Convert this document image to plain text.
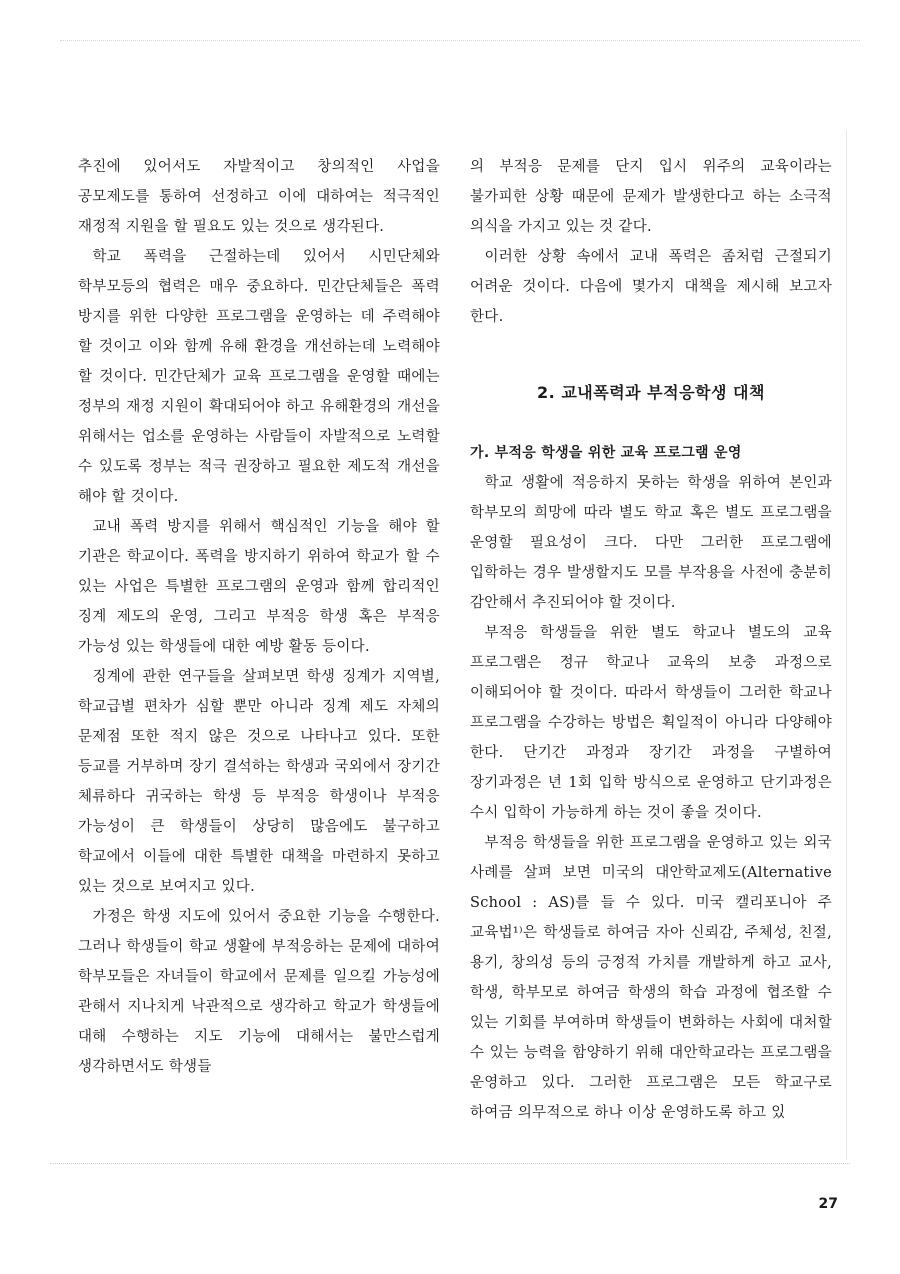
추진에 있어서도 자발적이고 창의적인 사업을 공모제도를 통하여 선정하고 이에 대하여는 적극적인 재정적 지원을 할 필요도 있는 것으로 생각된다.

학교 폭력을 근절하는데 있어서 시민단체와 학부모등의 협력은 매우 중요하다. 민간단체들은 폭력 방지를 위한 다양한 프로그램을 운영하는 데 주력해야 할 것이고 이와 함께 유해 환경을 개선하는데 노력해야 할 것이다. 민간단체가 교육 프로그램을 운영할 때에는 정부의 재정 지원이 확대되어야 하고 유해환경의 개선을 위해서는 업소를 운영하는 사람들이 자발적으로 노력할 수 있도록 정부는 적극 권장하고 필요한 제도적 개선을 해야 할 것이다.

교내 폭력 방지를 위해서 핵심적인 기능을 해야 할 기관은 학교이다. 폭력을 방지하기 위하여 학교가 할 수 있는 사업은 특별한 프로그램의 운영과 함께 합리적인 징계 제도의 운영, 그리고 부적응 학생 혹은 부적응 가능성 있는 학생들에 대한 예방 활동 등이다.

징계에 관한 연구들을 살펴보면 학생 징계가 지역별, 학교급별 편차가 심할 뿐만 아니라 징계 제도 자체의 문제점 또한 적지 않은 것으로 나타나고 있다. 또한 등교를 거부하며 장기 결석하는 학생과 국외에서 장기간 체류하다 귀국하는 학생 등 부적응 학생이나 부적응 가능성이 큰 학생들이 상당히 많음에도 불구하고 학교에서 이들에 대한 특별한 대책을 마련하지 못하고 있는 것으로 보여지고 있다.

가정은 학생 지도에 있어서 중요한 기능을 수행한다. 그러나 학생들이 학교 생활에 부적응하는 문제에 대하여 학부모들은 자녀들이 학교에서 문제를 일으킬 가능성에 관해서 지나치게 낙관적으로 생각하고 학교가 학생들에 대해 수행하는 지도 기능에 대해서는 불만스럽게 생각하면서도 학생들

의 부적응 문제를 단지 입시 위주의 교육이라는 불가피한 상황 때문에 문제가 발생한다고 하는 소극적 의식을 가지고 있는 것 같다.

이러한 상황 속에서 교내 폭력은 좀처럼 근절되기 어려운 것이다. 다음에 몇가지 대책을 제시해 보고자 한다.

2. 교내폭력과 부적응학생 대책
가. 부적응 학생을 위한 교육 프로그램 운영

학교 생활에 적응하지 못하는 학생을 위하여 본인과 학부모의 희망에 따라 별도 학교 혹은 별도 프로그램을 운영할 필요성이 크다. 다만 그러한 프로그램에 입학하는 경우 발생할지도 모를 부작용을 사전에 충분히 감안해서 추진되어야 할 것이다.

부적응 학생들을 위한 별도 학교나 별도의 교육 프로그램은 정규 학교나 교육의 보충 과정으로 이해되어야 할 것이다. 따라서 학생들이 그러한 학교나 프로그램을 수강하는 방법은 획일적이 아니라 다양해야 한다. 단기간 과정과 장기간 과정을 구별하여 장기과정은 년 1회 입학 방식으로 운영하고 단기과정은 수시 입학이 가능하게 하는 것이 좋을 것이다.

부적응 학생들을 위한 프로그램을 운영하고 있는 외국 사례를 살펴 보면 미국의 대안학교제도(Alternative School : AS)를 들 수 있다. 미국 캘리포니아 주 교육법¹⁾은 학생들로 하여금 자아 신뢰감, 주체성, 친절, 용기, 창의성 등의 긍정적 가치를 개발하게 하고 교사, 학생, 학부모로 하여금 학생의 학습 과정에 협조할 수 있는 기회를 부여하며 학생들이 변화하는 사회에 대처할 수 있는 능력을 함양하기 위해 대안학교라는 프로그램을 운영하고 있다. 그러한 프로그램은 모든 학교구로 하여금 의무적으로 하나 이상 운영하도록 하고 있

27
